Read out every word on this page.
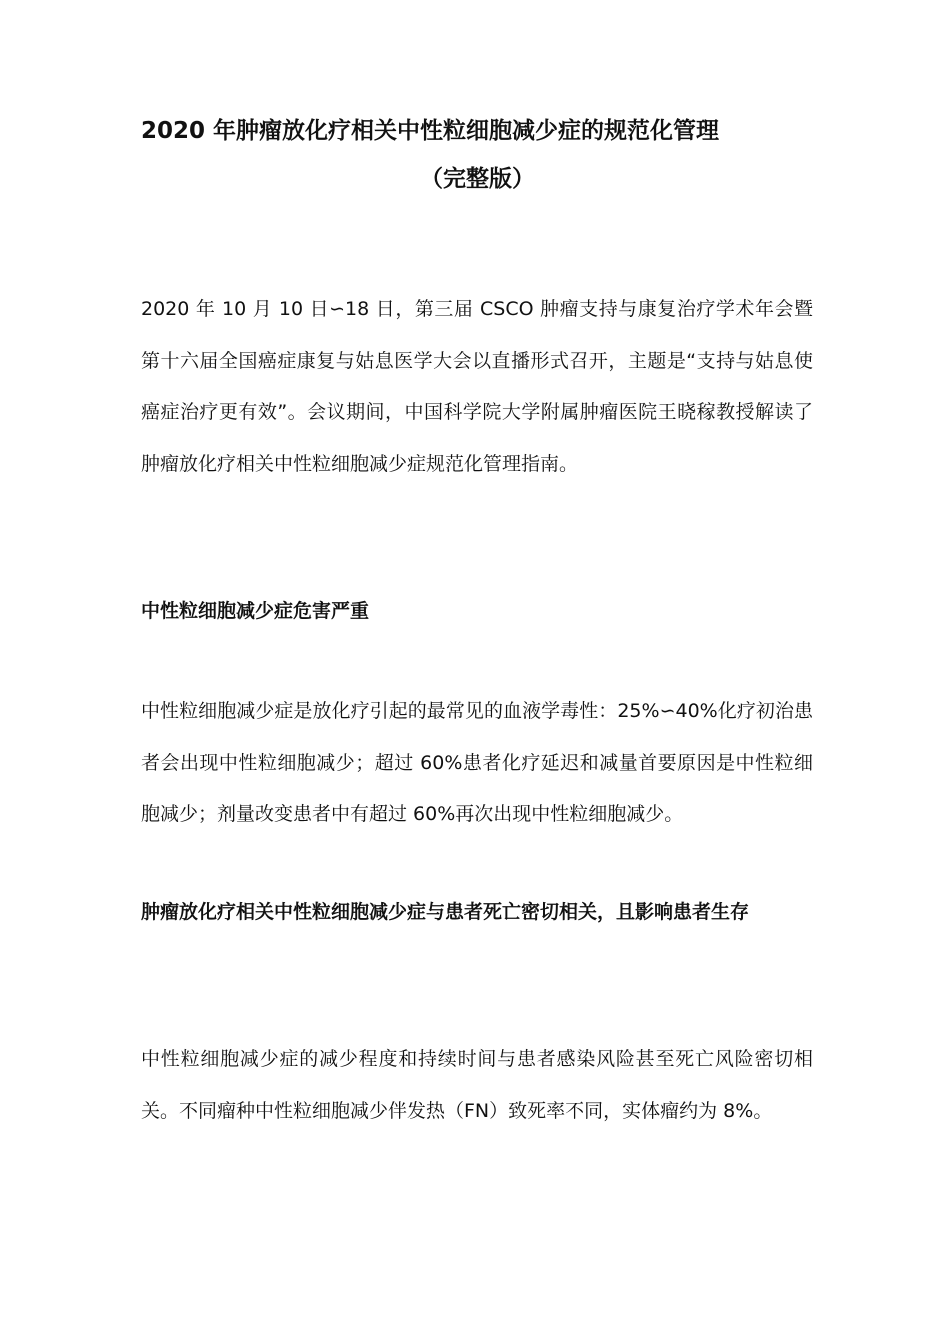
2020 年肿瘤放化疗相关中性粒细胞减少症的规范化管理
（完整版）

2020 年 10 月 10 日∽18 日，第三届 CSCO 肿瘤支持与康复治疗学术年会暨第十六届全国癌症康复与姑息医学大会以直播形式召开，主题是“支持与姑息使癌症治疗更有效”。会议期间，中国科学院大学附属肿瘤医院王晓稼教授解读了肿瘤放化疗相关中性粒细胞减少症规范化管理指南。

中性粒细胞减少症危害严重

中性粒细胞减少症是放化疗引起的最常见的血液学毒性：25%∽40%化疗初治患者会出现中性粒细胞减少；超过 60%患者化疗延迟和减量首要原因是中性粒细胞减少；剂量改变患者中有超过 60%再次出现中性粒细胞减少。

肿瘤放化疗相关中性粒细胞减少症与患者死亡密切相关，且影响患者生存

中性粒细胞减少症的减少程度和持续时间与患者感染风险甚至死亡风险密切相关。不同瘤种中性粒细胞减少伴发热（FN）致死率不同，实体瘤约为 8%。
